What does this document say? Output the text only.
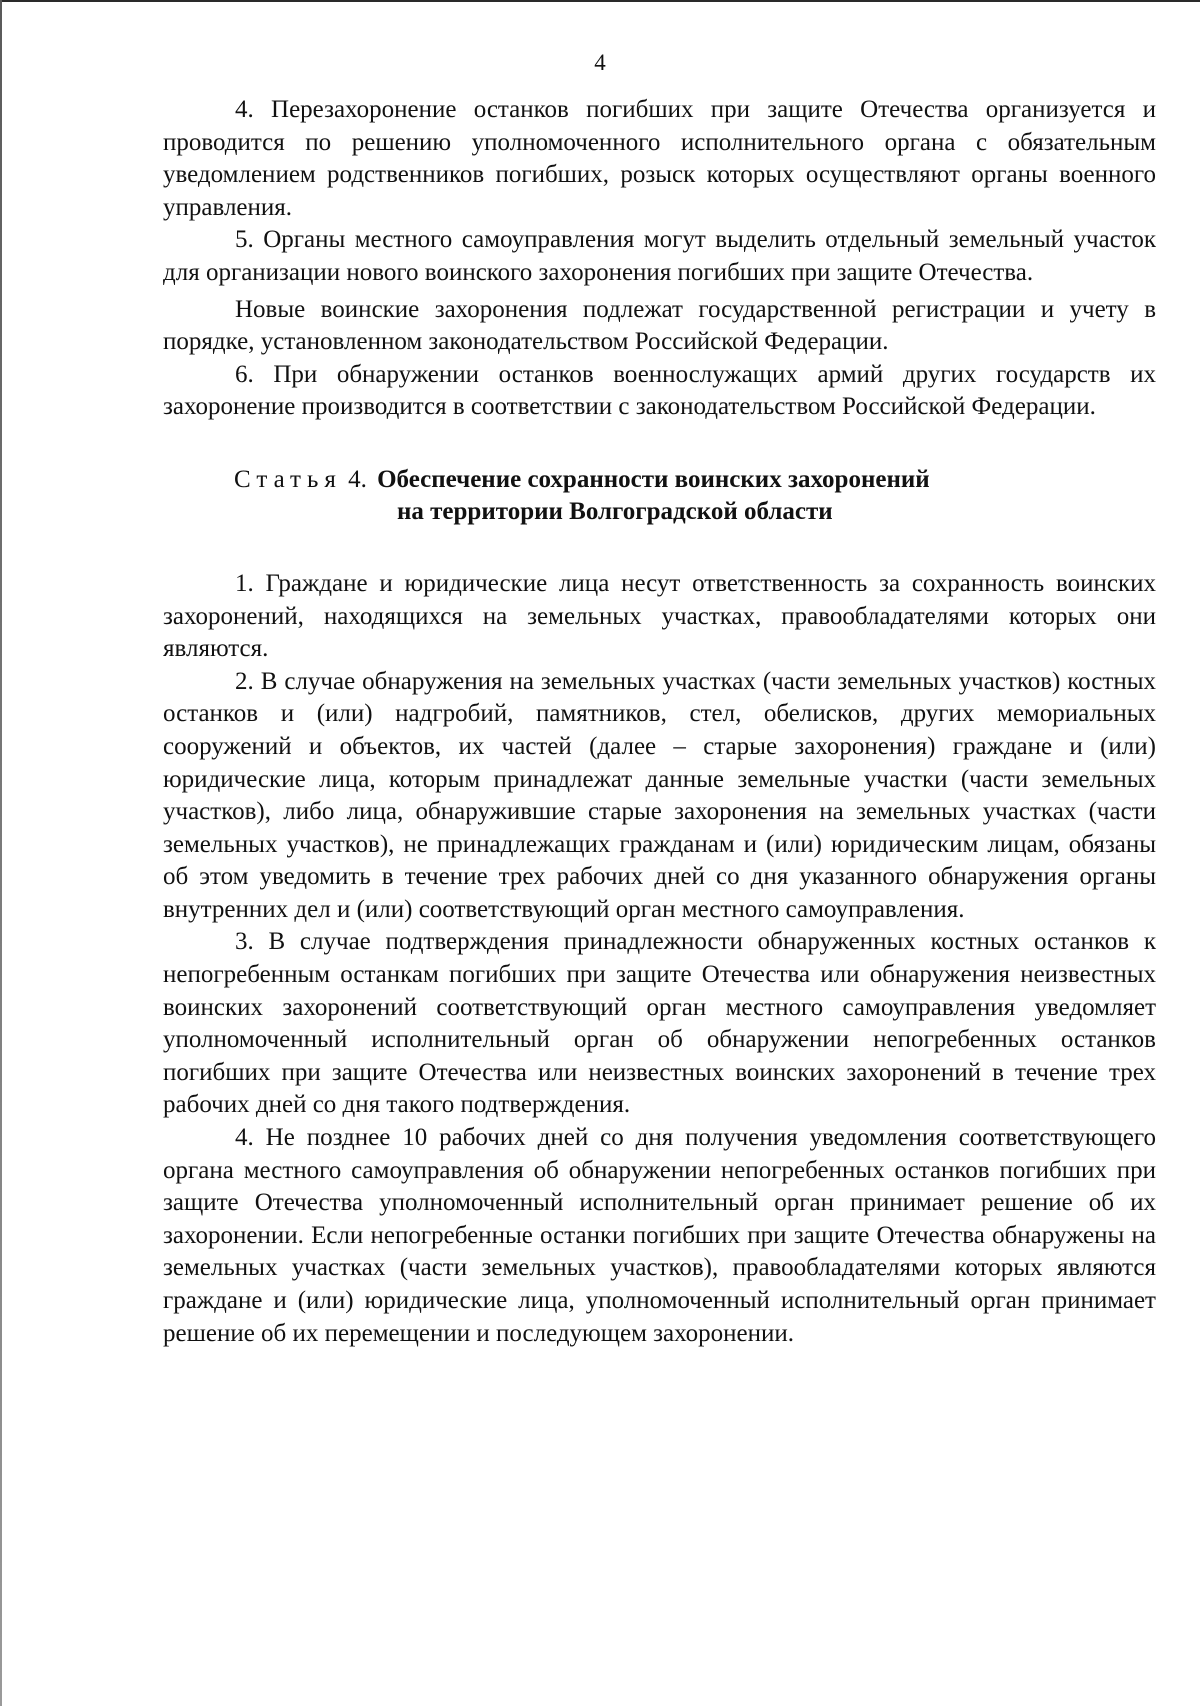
4

4. Перезахоронение останков погибших при защите Отечества организуется и проводится по решению уполномоченного исполнительного органа с обязательным уведомлением родственников погибших, розыск которых осуществляют органы военного управления.

5. Органы местного самоуправления могут выделить отдельный земельный участок для организации нового воинского захоронения погибших при защите Отечества.

Новые воинские захоронения подлежат государственной регистрации и учету в порядке, установленном законодательством Российской Федерации.

6. При обнаружении останков военнослужащих армий других государств их захоронение производится в соответствии с законодательством Российской Федерации.

Статья 4. Обеспечение сохранности воинских захоронений
на территории Волгоградской области

1. Граждане и юридические лица несут ответственность за сохранность воинских захоронений, находящихся на земельных участках, правообладателями которых они являются.

2. В случае обнаружения на земельных участках (части земельных участков) костных останков и (или) надгробий, памятников, стел, обелисков, других мемориальных сооружений и объектов, их частей (далее – старые захоронения) граждане и (или) юридические лица, которым принадлежат данные земельные участки (части земельных участков), либо лица, обнаружившие старые захоронения на земельных участках (части земельных участков), не принадлежащих гражданам и (или) юридическим лицам, обязаны об этом уведомить в течение трех рабочих дней со дня указанного обнаружения органы внутренних дел и (или) соответствующий орган местного самоуправления.

3. В случае подтверждения принадлежности обнаруженных костных останков к непогребенным останкам погибших при защите Отечества или обнаружения неизвестных воинских захоронений соответствующий орган местного самоуправления уведомляет уполномоченный исполнительный орган об обнаружении непогребенных останков погибших при защите Отечества или неизвестных воинских захоронений в течение трех рабочих дней со дня такого подтверждения.

4. Не позднее 10 рабочих дней со дня получения уведомления соответствующего органа местного самоуправления об обнаружении непогребенных останков погибших при защите Отечества уполномоченный исполнительный орган принимает решение об их захоронении. Если непогребенные останки погибших при защите Отечества обнаружены на земельных участках (части земельных участков), правообладателями которых являются граждане и (или) юридические лица, уполномоченный исполнительный орган принимает решение об их перемещении и последующем захоронении.
